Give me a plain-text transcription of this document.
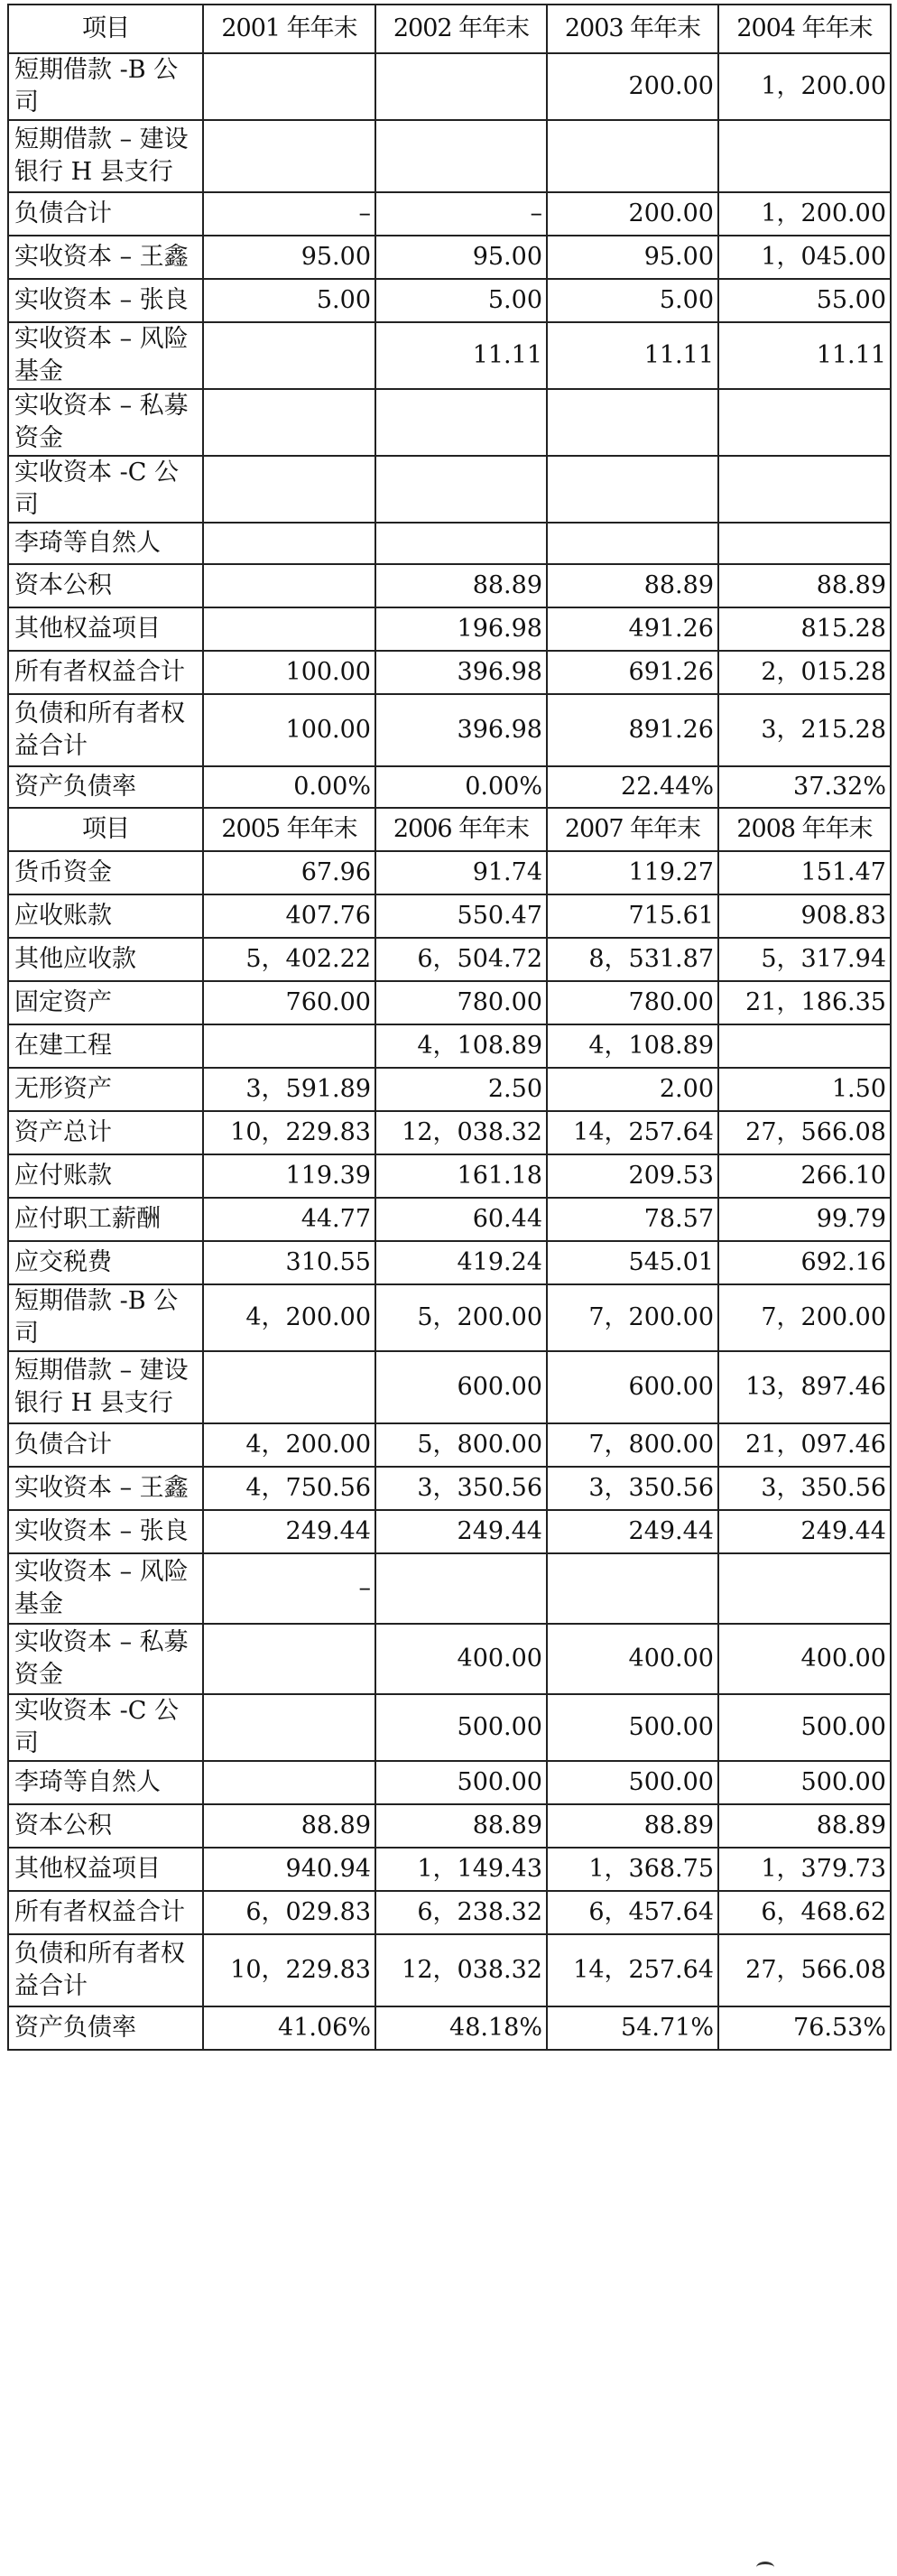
项目	2001 年年末	2002 年年末	2003 年年末	2004 年年末
短期借款 -B 公司			200.00	1，200.00
短期借款 – 建设银行 H 县支行				
负债合计	–	–	200.00	1，200.00
实收资本 – 王鑫	95.00	95.00	95.00	1，045.00
实收资本 – 张良	5.00	5.00	5.00	55.00
实收资本 – 风险基金		11.11	11.11	11.11
实收资本 – 私募资金				
实收资本 -C 公司				
李琦等自然人				
资本公积		88.89	88.89	88.89
其他权益项目		196.98	491.26	815.28
所有者权益合计	100.00	396.98	691.26	2，015.28
负债和所有者权益合计	100.00	396.98	891.26	3，215.28
资产负债率	0.00%	0.00%	22.44%	37.32%
项目	2005 年年末	2006 年年末	2007 年年末	2008 年年末
货币资金	67.96	91.74	119.27	151.47
应收账款	407.76	550.47	715.61	908.83
其他应收款	5，402.22	6，504.72	8，531.87	5，317.94
固定资产	760.00	780.00	780.00	21，186.35
在建工程		4，108.89	4，108.89	
无形资产	3，591.89	2.50	2.00	1.50
资产总计	10，229.83	12，038.32	14，257.64	27，566.08
应付账款	119.39	161.18	209.53	266.10
应付职工薪酬	44.77	60.44	78.57	99.79
应交税费	310.55	419.24	545.01	692.16
短期借款 -B 公司	4，200.00	5，200.00	7，200.00	7，200.00
短期借款 – 建设银行 H 县支行		600.00	600.00	13，897.46
负债合计	4，200.00	5，800.00	7，800.00	21，097.46
实收资本 – 王鑫	4，750.56	3，350.56	3，350.56	3，350.56
实收资本 – 张良	249.44	249.44	249.44	249.44
实收资本 – 风险基金	–			
实收资本 – 私募资金		400.00	400.00	400.00
实收资本 -C 公司		500.00	500.00	500.00
李琦等自然人		500.00	500.00	500.00
资本公积	88.89	88.89	88.89	88.89
其他权益项目	940.94	1，149.43	1，368.75	1，379.73
所有者权益合计	6，029.83	6，238.32	6，457.64	6，468.62
负债和所有者权益合计	10，229.83	12，038.32	14，257.64	27，566.08
资产负债率	41.06%	48.18%	54.71%	76.53%
